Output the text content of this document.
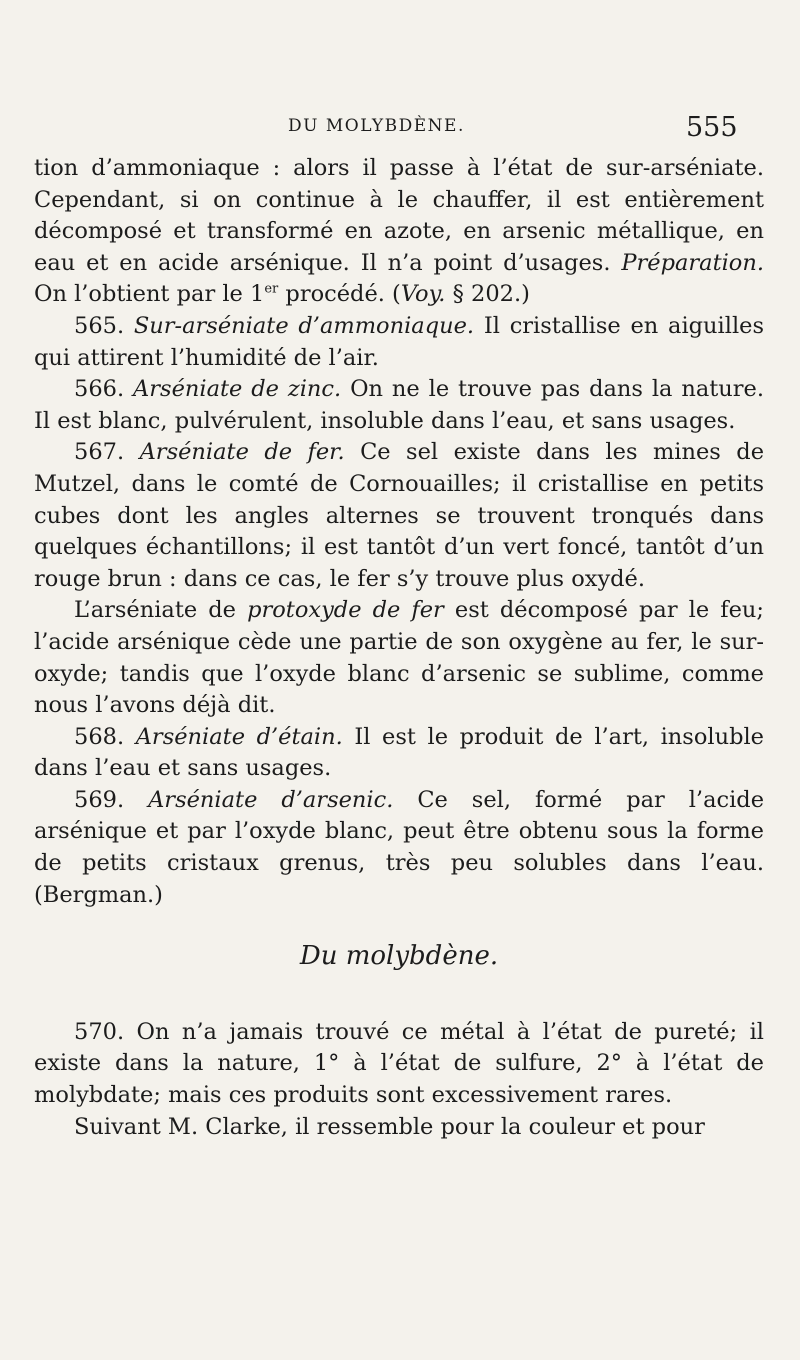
DU MOLYBDÈNE.	555

tion d’ammoniaque : alors il passe à l’état de sur-arséniate. Cependant, si on continue à le chauffer, il est entièrement décomposé et transformé en azote, en arsenic métallique, en eau et en acide arsénique. Il n’a point d’usages. Préparation. On l’obtient par le 1er procédé. (Voy. § 202.)

565. Sur-arséniate d’ammoniaque. Il cristallise en aiguilles qui attirent l’humidité de l’air.

566. Arséniate de zinc. On ne le trouve pas dans la nature. Il est blanc, pulvérulent, insoluble dans l’eau, et sans usages.

567. Arséniate de fer. Ce sel existe dans les mines de Mutzel, dans le comté de Cornouailles; il cristallise en petits cubes dont les angles alternes se trouvent tronqués dans quelques échantillons; il est tantôt d’un vert foncé, tantôt d’un rouge brun : dans ce cas, le fer s’y trouve plus oxydé.

L’arséniate de protoxyde de fer est décomposé par le feu; l’acide arsénique cède une partie de son oxygène au fer, le sur-oxyde; tandis que l’oxyde blanc d’arsenic se sublime, comme nous l’avons déjà dit.

568. Arséniate d’étain. Il est le produit de l’art, insoluble dans l’eau et sans usages.

569. Arséniate d’arsenic. Ce sel, formé par l’acide arsénique et par l’oxyde blanc, peut être obtenu sous la forme de petits cristaux grenus, très peu solubles dans l’eau. (Bergman.)

Du molybdène.

570. On n’a jamais trouvé ce métal à l’état de pureté; il existe dans la nature, 1° à l’état de sulfure, 2° à l’état de molybdate; mais ces produits sont excessivement rares.

Suivant M. Clarke, il ressemble pour la couleur et pour
